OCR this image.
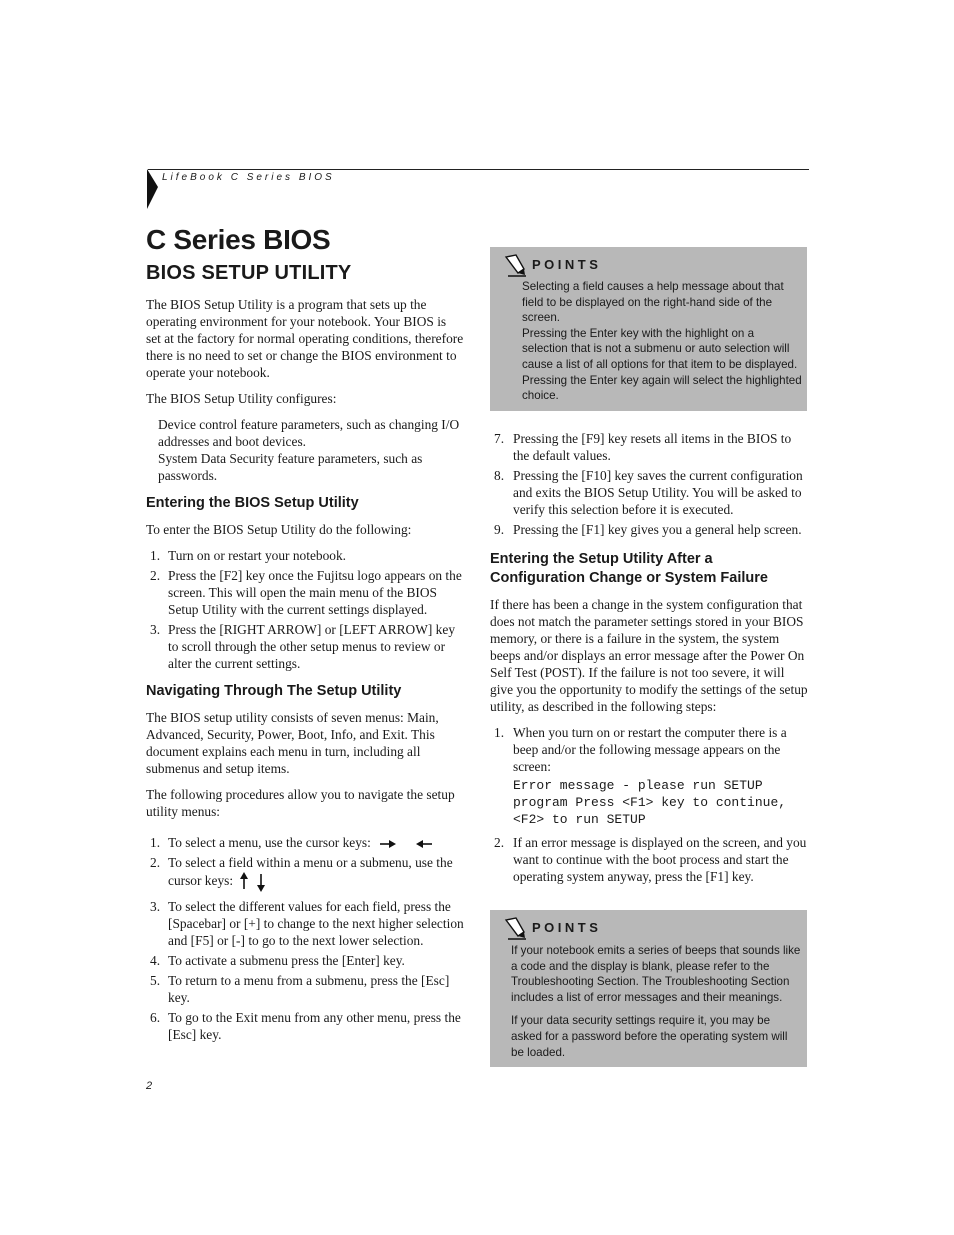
LifeBook C Series BIOS
C Series BIOS
BIOS SETUP UTILITY

The BIOS Setup Utility is a program that sets up the operating environment for your notebook. Your BIOS is set at the factory for normal operating conditions, therefore there is no need to set or change the BIOS environment to operate your notebook.

The BIOS Setup Utility configures:

Device control feature parameters, such as changing I/O addresses and boot devices.
System Data Security feature parameters, such as passwords.
Entering the BIOS Setup Utility

To enter the BIOS Setup Utility do the following:

1. Turn on or restart your notebook.
2. Press the [F2] key once the Fujitsu logo appears on the screen. This will open the main menu of the BIOS Setup Utility with the current settings displayed.
3. Press the [RIGHT ARROW] or [LEFT ARROW] key to scroll through the other setup menus to review or alter the current settings.
Navigating Through The Setup Utility

The BIOS setup utility consists of seven menus: Main, Advanced, Security, Power, Boot, Info, and Exit. This document explains each menu in turn, including all submenus and setup items.

The following procedures allow you to navigate the setup utility menus:

1. To select a menu, use the cursor keys:
2. To select a field within a menu or a submenu, use the cursor keys:
3. To select the different values for each field, press the [Spacebar] or [+] to change to the next higher selection and [F5] or [-] to go to the next lower selection.
4. To activate a submenu press the [Enter] key.
5. To return to a menu from a submenu, press the [Esc] key.
6. To go to the Exit menu from any other menu, press the [Esc] key.
POINTS

Selecting a field causes a help message about that field to be displayed on the right-hand side of the screen.

Pressing the Enter key with the highlight on a selection that is not a submenu or auto selection will cause a list of all options for that item to be displayed. Pressing the Enter key again will select the highlighted choice.

7. Pressing the [F9] key resets all items in the BIOS to the default values.
8. Pressing the [F10] key saves the current configuration and exits the BIOS Setup Utility. You will be asked to verify this selection before it is executed.
9. Pressing the [F1] key gives you a general help screen.
Entering the Setup Utility After a Configuration Change or System Failure

If there has been a change in the system configuration that does not match the parameter settings stored in your BIOS memory, or there is a failure in the system, the system beeps and/or displays an error message after the Power On Self Test (POST). If the failure is not too severe, it will give you the opportunity to modify the settings of the setup utility, as described in the following steps:

1. When you turn on or restart the computer there is a beep and/or the following message appears on the screen:
Error message - please run SETUP
program Press <F1> key to continue,
<F2> to run SETUP
2. If an error message is displayed on the screen, and you want to continue with the boot process and start the operating system anyway, press the [F1] key.
POINTS

If your notebook emits a series of beeps that sounds like a code and the display is blank, please refer to the Troubleshooting Section. The Troubleshooting Section includes a list of error messages and their meanings.

If your data security settings require it, you may be asked for a password before the operating system will be loaded.

2
